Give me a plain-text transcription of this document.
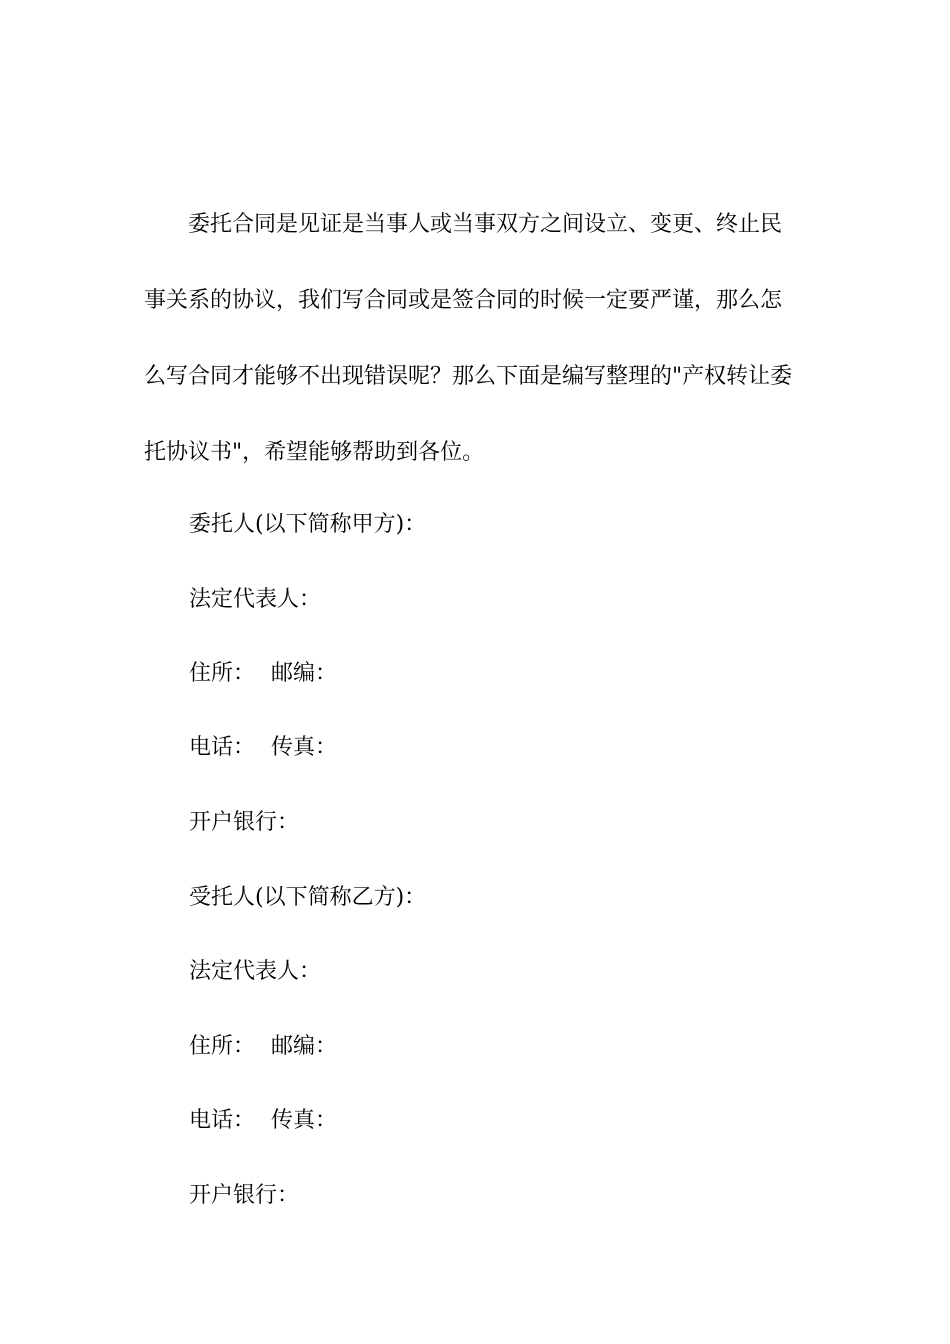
委托合同是见证是当事人或当事双方之间设立、变更、终止民
事关系的协议，我们写合同或是签合同的时候一定要严谨，那么怎
么写合同才能够不出现错误呢？那么下面是编写整理的"产权转让委
托协议书"，希望能够帮助到各位。

委托人(以下简称甲方)：

法定代表人：

住所： 邮编：

电话： 传真：

开户银行：

受托人(以下简称乙方)：

法定代表人：

住所： 邮编：

电话： 传真：

开户银行：
